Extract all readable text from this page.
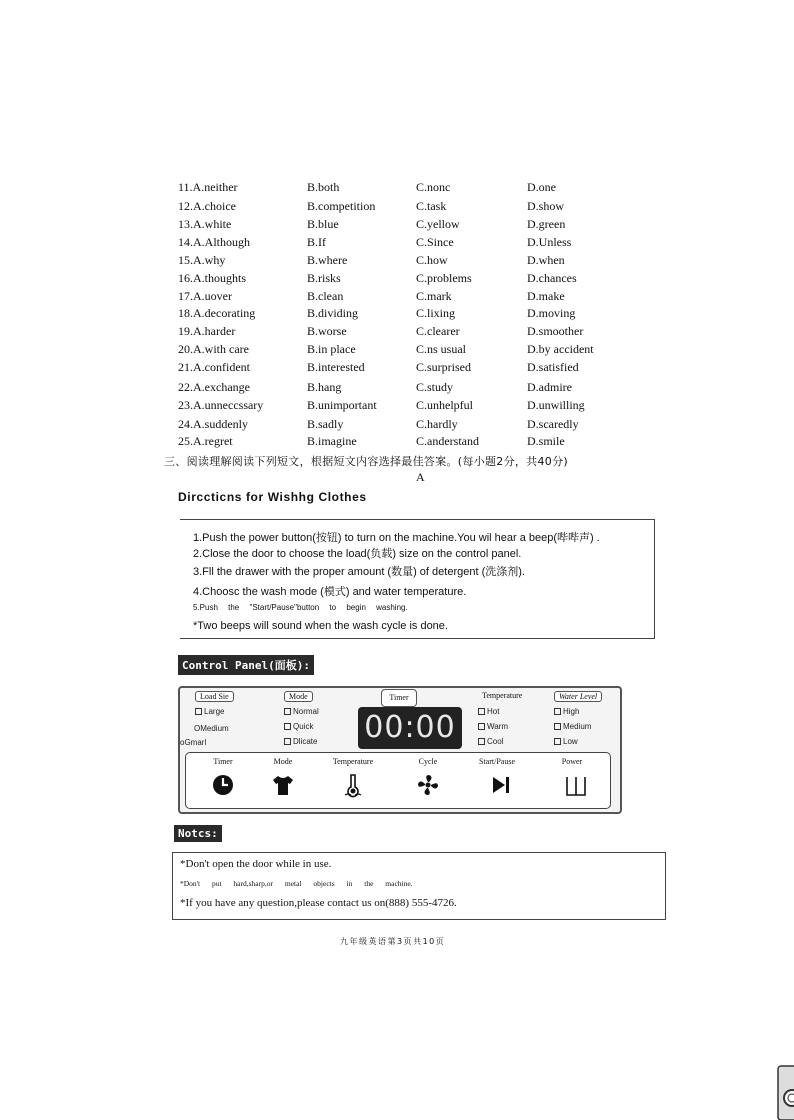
11.A.neither	B.both	C.nonc	D.one
12.A.choice	B.competition	C.task	D.show
13.A.white	B.blue	C.yellow	D.green
14.A.Although	B.If	C.Since	D.Unless
15.A.why	B.where	C.how	D.when
16.A.thoughts	B.risks	C.problems	D.chances
17.A.uover	B.clean	C.mark	D.make
18.A.decorating	B.dividing	C.lixing	D.moving
19.A.harder	B.worse	C.clearer	D.smoother
20.A.with care	B.in place	C.ns usual	D.by accident
21.A.confident	B.interested	C.surprised	D.satisfied
22.A.exchange	B.hang	C.study	D.admire
23.A.unneccssary	B.unimportant	C.unhelpful	D.unwilling
24.A.suddenly	B.sadly	C.hardly	D.scaredly
25.A.regret	B.imagine	C.anderstand	D.smile
三、阅读理解阅读下列短文，根据短文内容选择最佳答案。(每小题2分，共40分)
A
Dirccticns for Wishhg Clothes
1.Push the power button(按钮) to turn on the machine.You wil hear a beep(哔哔声) .
2.Close the door to choose the load(负载) size on the control panel.
3.Fll the drawer with the proper amount (数量) of detergent (洗涤剂).
4.Choosc the wash mode (模式) and water temperature.
5.Push the "Start/Pause"button to begin washing.
*Two beeps will sound when the wash cycle is done.
Control Panel(面板):
Load Sie
Large
OMedium
oGmarl
Mode
Normal
Quick
Dlicate
Timer
00:00
Temperature
Hot
Warm
Cool
Water Level
High
Medium
Low
Timer	Mode	Temperature	Cycle	Start/Pause	Power
Notcs:
*Don't open the door while in use.
*Don't put hard,sharp,or metal objects in the machine.
*If you have any question,please contact us on(888) 555-4726.
九年级英语第3页共10页
